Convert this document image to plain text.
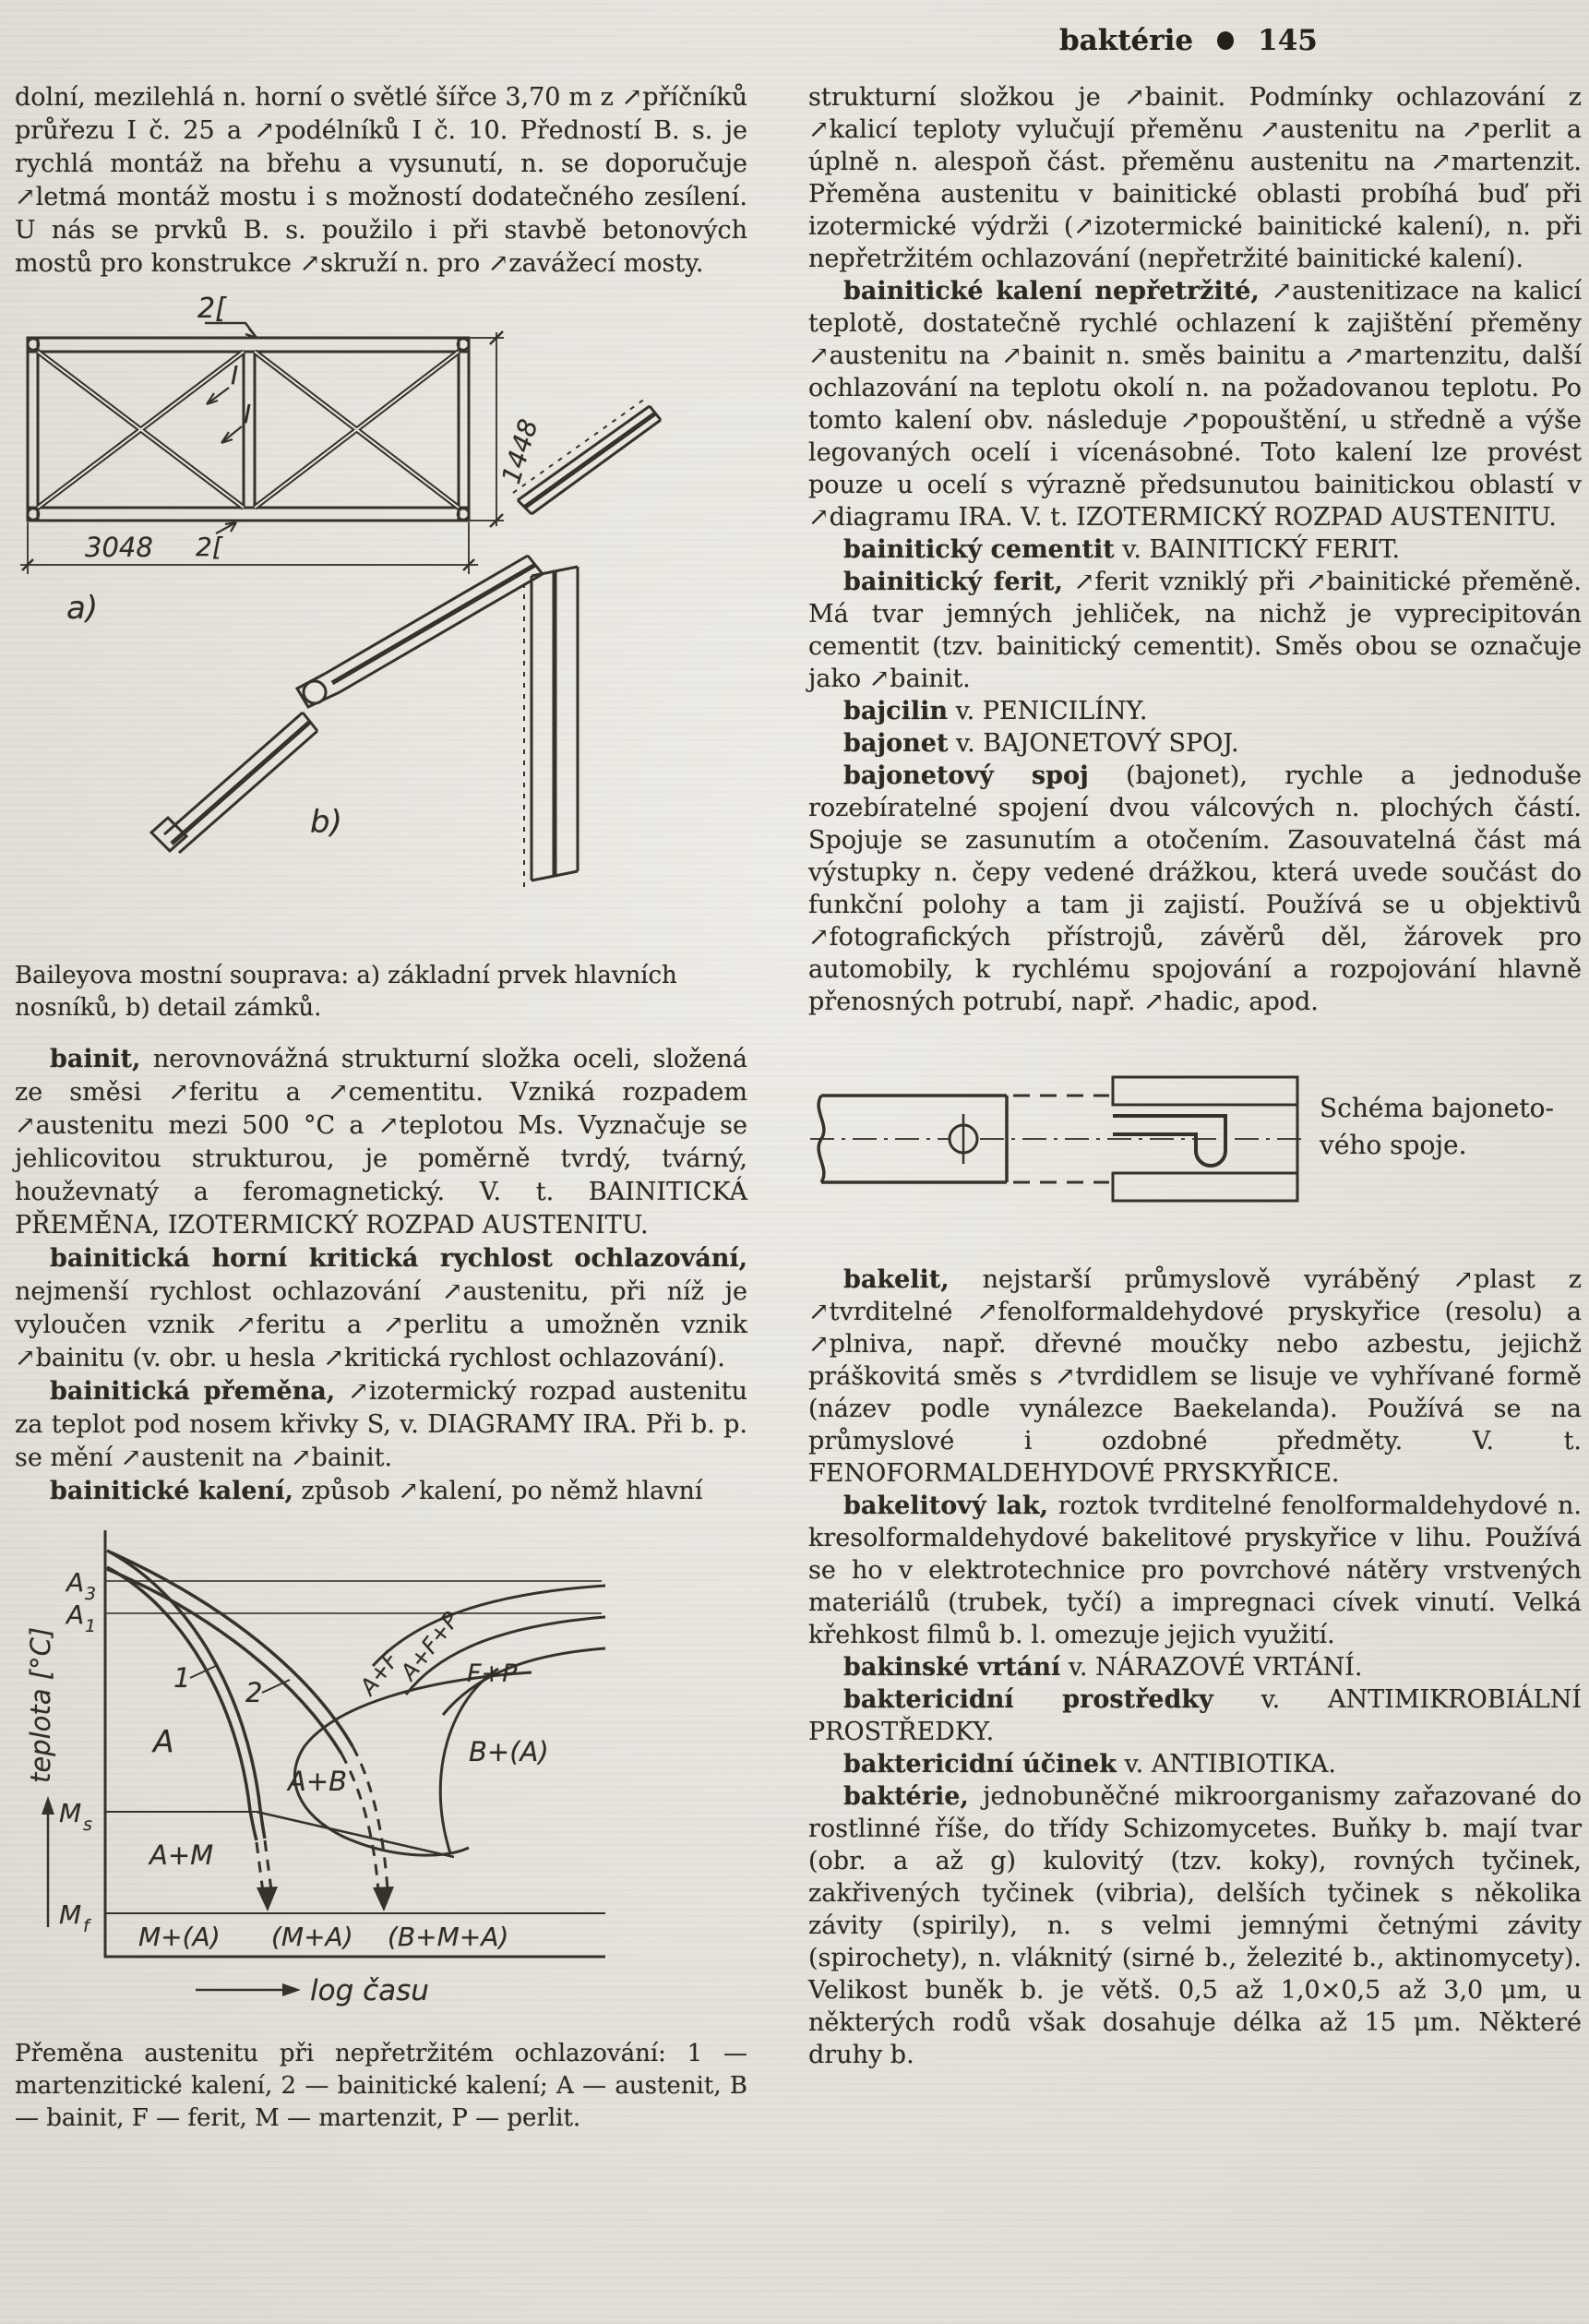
baktérie 145

dolní, mezilehlá n. horní o světlé šířce 3,70 m z ↗příčníků průřezu I č. 25 a ↗podélníků I č. 10. Předností B. s. je rychlá montáž na břehu a vysunutí, n. se doporučuje ↗letmá montáž mostu i s možností dodatečného zesílení. U nás se prvků B. s. použilo i při stavbě betonových mostů pro konstrukce ↗skruží n. pro ↗zavážecí mosty.

2[
I
I
1448
3048 2[
a)
b)

Baileyova mostní souprava: a) základní prvek hlavních nosníků, b) detail zámků.

bainit, nerovnovážná strukturní složka oceli, složená ze směsi ↗feritu a ↗cementitu. Vzniká rozpadem ↗austenitu mezi 500 °C a ↗teplotou Ms. Vyznačuje se jehlicovitou strukturou, je poměrně tvrdý, tvárný, houževnatý a feromagnetický. V. t. BAINITICKÁ PŘEMĚNA, IZOTERMICKÝ ROZPAD AUSTENITU.

bainitická horní kritická rychlost ochlazování, nejmenší rychlost ochlazování ↗austenitu, při níž je vyloučen vznik ↗feritu a ↗perlitu a umožněn vznik ↗bainitu (v. obr. u hesla ↗kritická rychlost ochlazování).

bainitická přeměna, ↗izotermický rozpad austenitu za teplot pod nosem křivky S, v. DIAGRAMY IRA. Při b. p. se mění ↗austenit na ↗bainit.

bainitické kalení, způsob ↗kalení, po němž hlavní

A 3
A 1
M s
M f
teplota [°C]	1 2
A
A+F
A+F+P F+P
A+B
B+(A)
A+M
M+(A) (M+A) (B+M+A)
log času

Přeměna austenitu při nepřetržitém ochlazování: 1 — martenzitické kalení, 2 — bainitické kalení; A — austenit, B — bainit, F — ferit, M — martenzit, P — perlit.

strukturní složkou je ↗bainit. Podmínky ochlazování z ↗kalicí teploty vylučují přeměnu ↗austenitu na ↗perlit a úplně n. alespoň část. přeměnu austenitu na ↗martenzit. Přeměna austenitu v bainitické oblasti probíhá buď při izotermické výdrži (↗izotermické bainitické kalení), n. při nepřetržitém ochlazování (nepřetržité bainitické kalení).

bainitické kalení nepřetržité, ↗austenitizace na kalicí teplotě, dostatečně rychlé ochlazení k zajištění přeměny ↗austenitu na ↗bainit n. směs bainitu a ↗martenzitu, další ochlazování na teplotu okolí n. na požadovanou teplotu. Po tomto kalení obv. následuje ↗popouštění, u středně a výše legovaných ocelí i vícenásobné. Toto kalení lze provést pouze u ocelí s výrazně předsunutou bainitickou oblastí v ↗diagramu IRA. V. t. IZOTERMICKÝ ROZPAD AUSTENITU.

bainitický cementit v. BAINITICKÝ FERIT.

bainitický ferit, ↗ferit vzniklý při ↗bainitické přeměně. Má tvar jemných jehliček, na nichž je vyprecipitován cementit (tzv. bainitický cementit). Směs obou se označuje jako ↗bainit.

bajcilin v. PENICILÍNY.

bajonet v. BAJONETOVÝ SPOJ.

bajonetový spoj (bajonet), rychle a jednoduše rozebíratelné spojení dvou válcových n. plochých částí. Spojuje se zasunutím a otočením. Zasouvatelná část má výstupky n. čepy vedené drážkou, která uvede součást do funkční polohy a tam ji zajistí. Používá se u objektivů ↗fotografických přístrojů, závěrů děl, žárovek pro automobily, k rychlému spojování a rozpojování hlavně přenosných potrubí, např. ↗hadic, apod.

Schéma bajoneto-
vého spoje.

bakelit, nejstarší průmyslově vyráběný ↗plast z ↗tvrditelné ↗fenolformaldehydové pryskyřice (resolu) a ↗plniva, např. dřevné moučky nebo azbestu, jejichž práškovitá směs s ↗tvrdidlem se lisuje ve vyhřívané formě (název podle vynálezce Baekelanda). Používá se na průmyslové i ozdobné předměty. V. t. FENOFORMALDEHYDOVÉ PRYSKYŘICE.

bakelitový lak, roztok tvrditelné fenolformaldehydové n. kresolformaldehydové bakelitové pryskyřice v lihu. Používá se ho v elektrotechnice pro povrchové nátěry vrstvených materiálů (trubek, tyčí) a impregnaci cívek vinutí. Velká křehkost filmů b. l. omezuje jejich využití.

bakinské vrtání v. NÁRAZOVÉ VRTÁNÍ.

baktericidní prostředky v. ANTIMIKROBIÁLNÍ PROSTŘEDKY.

baktericidní účinek v. ANTIBIOTIKA.

baktérie, jednobuněčné mikroorganismy zařazované do rostlinné říše, do třídy Schizomycetes. Buňky b. mají tvar (obr. a až g) kulovitý (tzv. koky), rovných tyčinek, zakřivených tyčinek (vibria), delších tyčinek s několika závity (spirily), n. s velmi jemnými četnými závity (spirochety), n. vláknitý (sirné b., železité b., aktinomycety). Velikost buněk b. je větš. 0,5 až 1,0×0,5 až 3,0 μm, u některých rodů však dosahuje délka až 15 μm. Některé druhy b.
